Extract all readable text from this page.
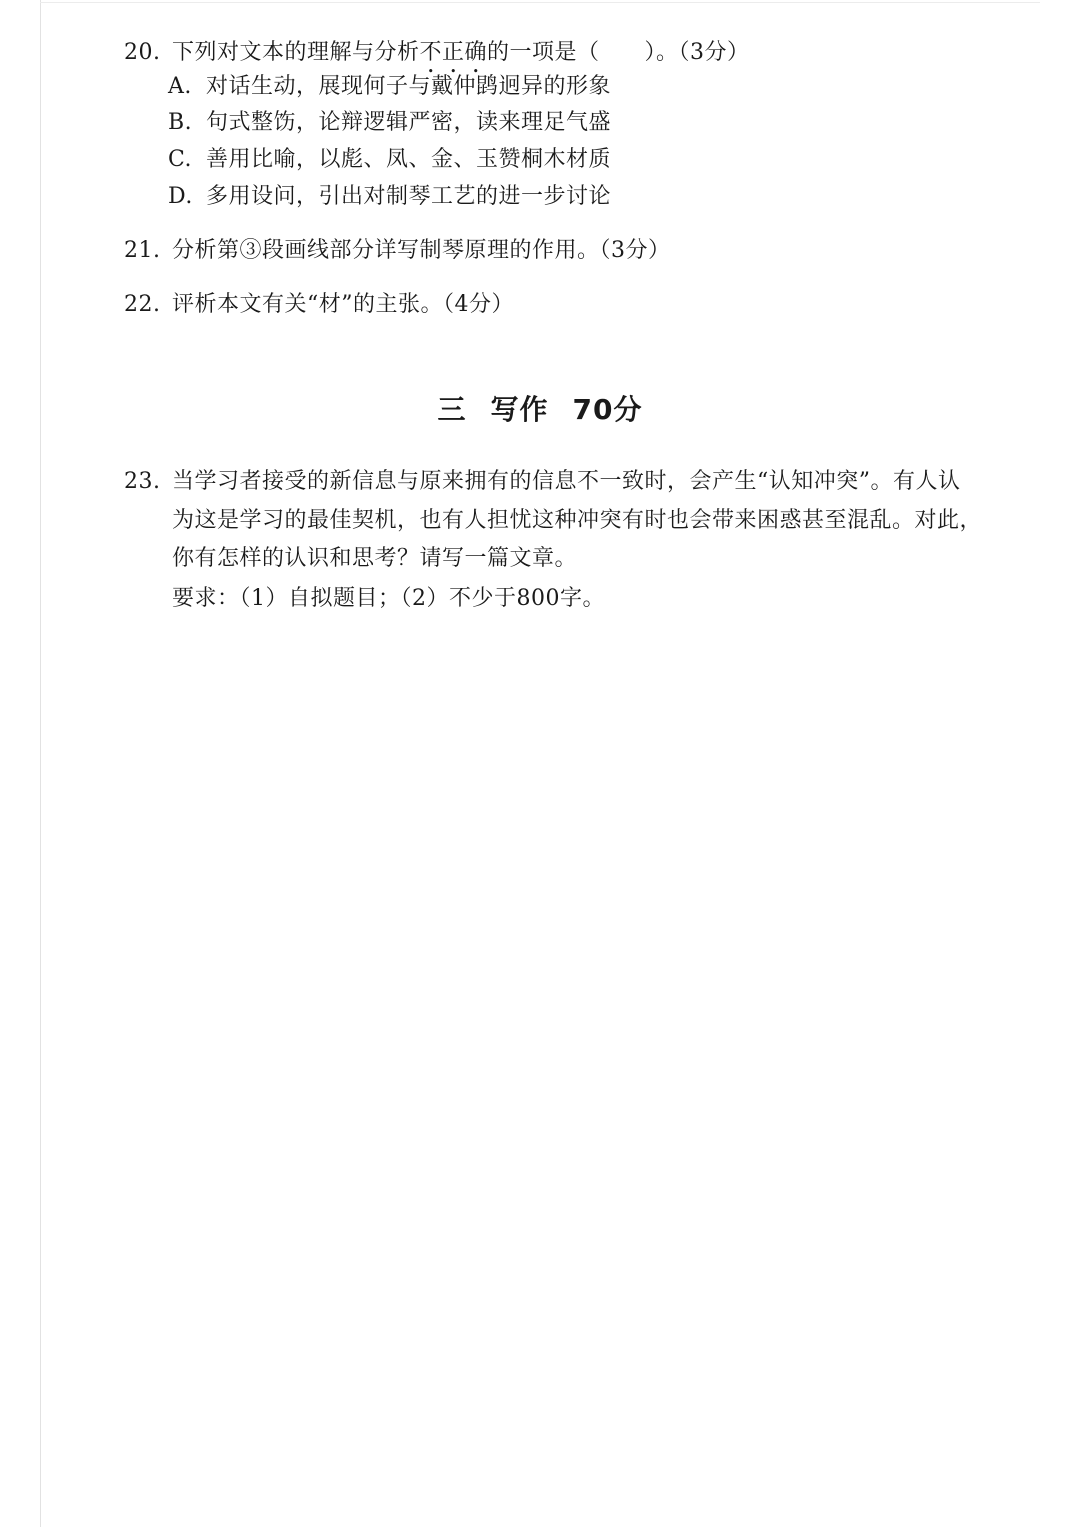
20. 下列对文本的理解与分析不正确的一项是（　　）。（3分）
A. 对话生动，展现何子与戴仲鹍迥异的形象
B. 句式整饬，论辩逻辑严密，读来理足气盛
C. 善用比喻，以彪、凤、金、玉赞桐木材质
D. 多用设问，引出对制琴工艺的进一步讨论
21. 分析第③段画线部分详写制琴原理的作用。（3分）
22. 评析本文有关“材”的主张。（4分）
三 写作 70分
23. 当学习者接受的新信息与原来拥有的信息不一致时，会产生“认知冲突”。有人认
为这是学习的最佳契机，也有人担忧这种冲突有时也会带来困惑甚至混乱。对此，
你有怎样的认识和思考？请写一篇文章。
要求：（1）自拟题目；（2）不少于800字。
